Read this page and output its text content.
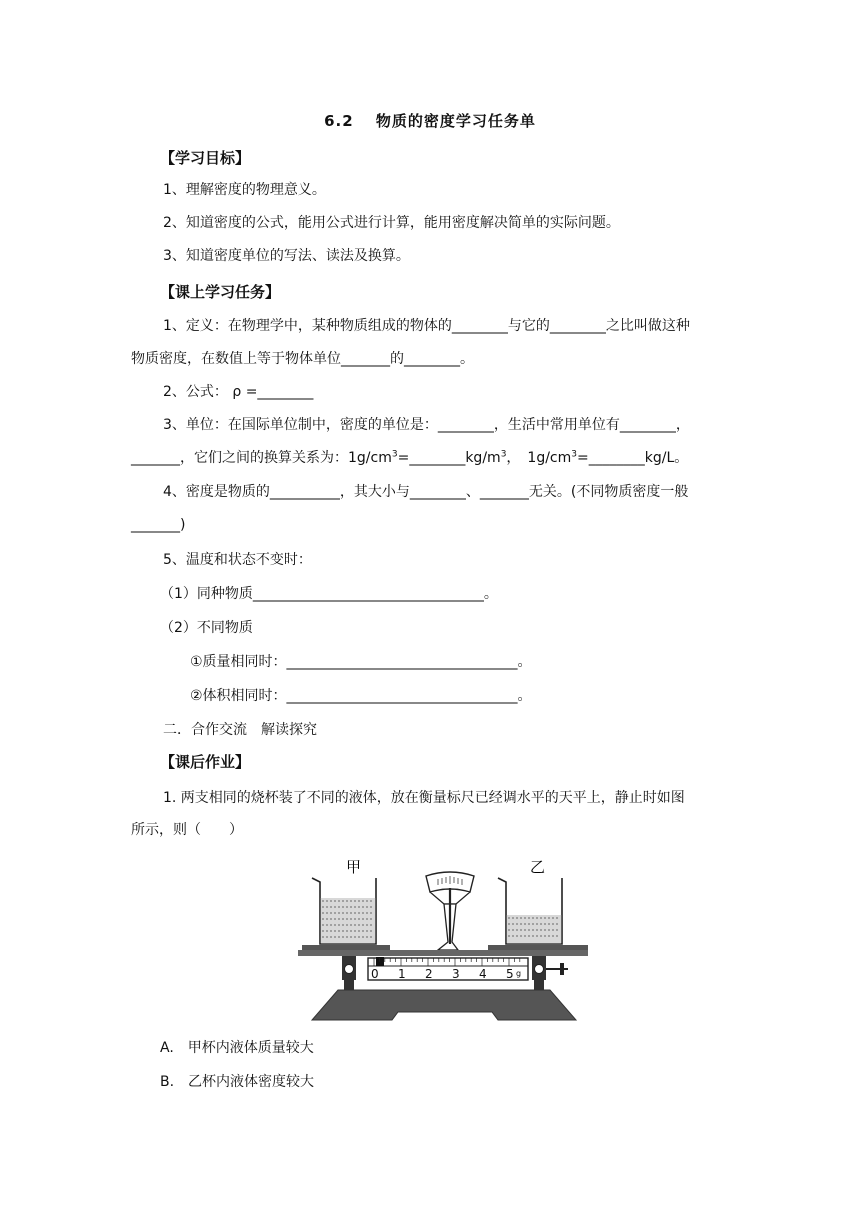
6.2　 物质的密度学习任务单
【学习目标】
1、理解密度的物理意义。
2、知道密度的公式，能用公式进行计算，能用密度解决简单的实际问题。
3、知道密度单位的写法、读法及换算。
【课上学习任务】
1、定义：在物理学中，某种物质组成的物体的________与它的________之比叫做这种
物质密度，在数值上等于物体单位_______的________。
2、公式： ρ =________
3、单位：在国际单位制中，密度的单位是：________，生活中常用单位有________，
_______，它们之间的换算关系为：$1g/cm^3=\_\_\_\_\_\_\_\_kg/m^3$，　$1g/cm^3=\_\_\_\_\_\_\_\_kg/L$。
4、密度是物质的__________，其大小与________、_______无关。(不同物质密度一般
_______)
5、温度和状态不变时：
（1）同种物质_________________________________。
（2）不同物质
①质量相同时：_________________________________。
②体积相同时：_________________________________。
二．合作交流　解读探究
【课后作业】
1. 两支相同的烧杯装了不同的液体，放在衡量标尺已经调水平的天平上，静止时如图
所示，则（　　）
甲	乙
0 1 2 3 4 5 g
A.　甲杯内液体质量较大
B.　乙杯内液体密度较大
